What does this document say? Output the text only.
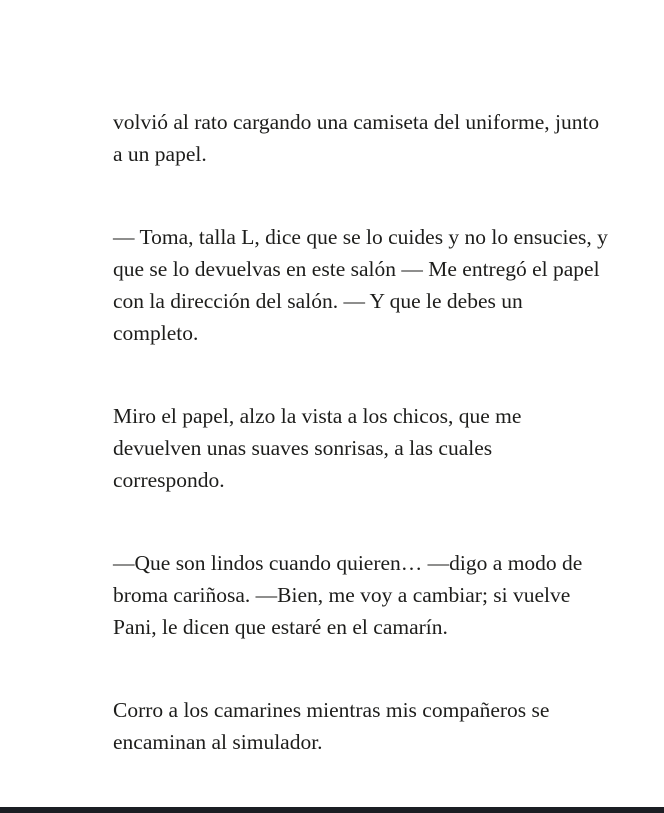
volvió al rato cargando una camiseta del uniforme, junto
a un papel.

— Toma, talla L, dice que se lo cuides y no lo ensucies, y
que se lo devuelvas en este salón — Me entregó el papel
con la dirección del salón. — Y que le debes un
completo.

Miro el papel, alzo la vista a los chicos, que me
devuelven unas suaves sonrisas, a las cuales
correspondo.

—Que son lindos cuando quieren… —digo a modo de
broma cariñosa. —Bien, me voy a cambiar; si vuelve
Pani, le dicen que estaré en el camarín.

Corro a los camarines mientras mis compañeros se
encaminan al simulador.
